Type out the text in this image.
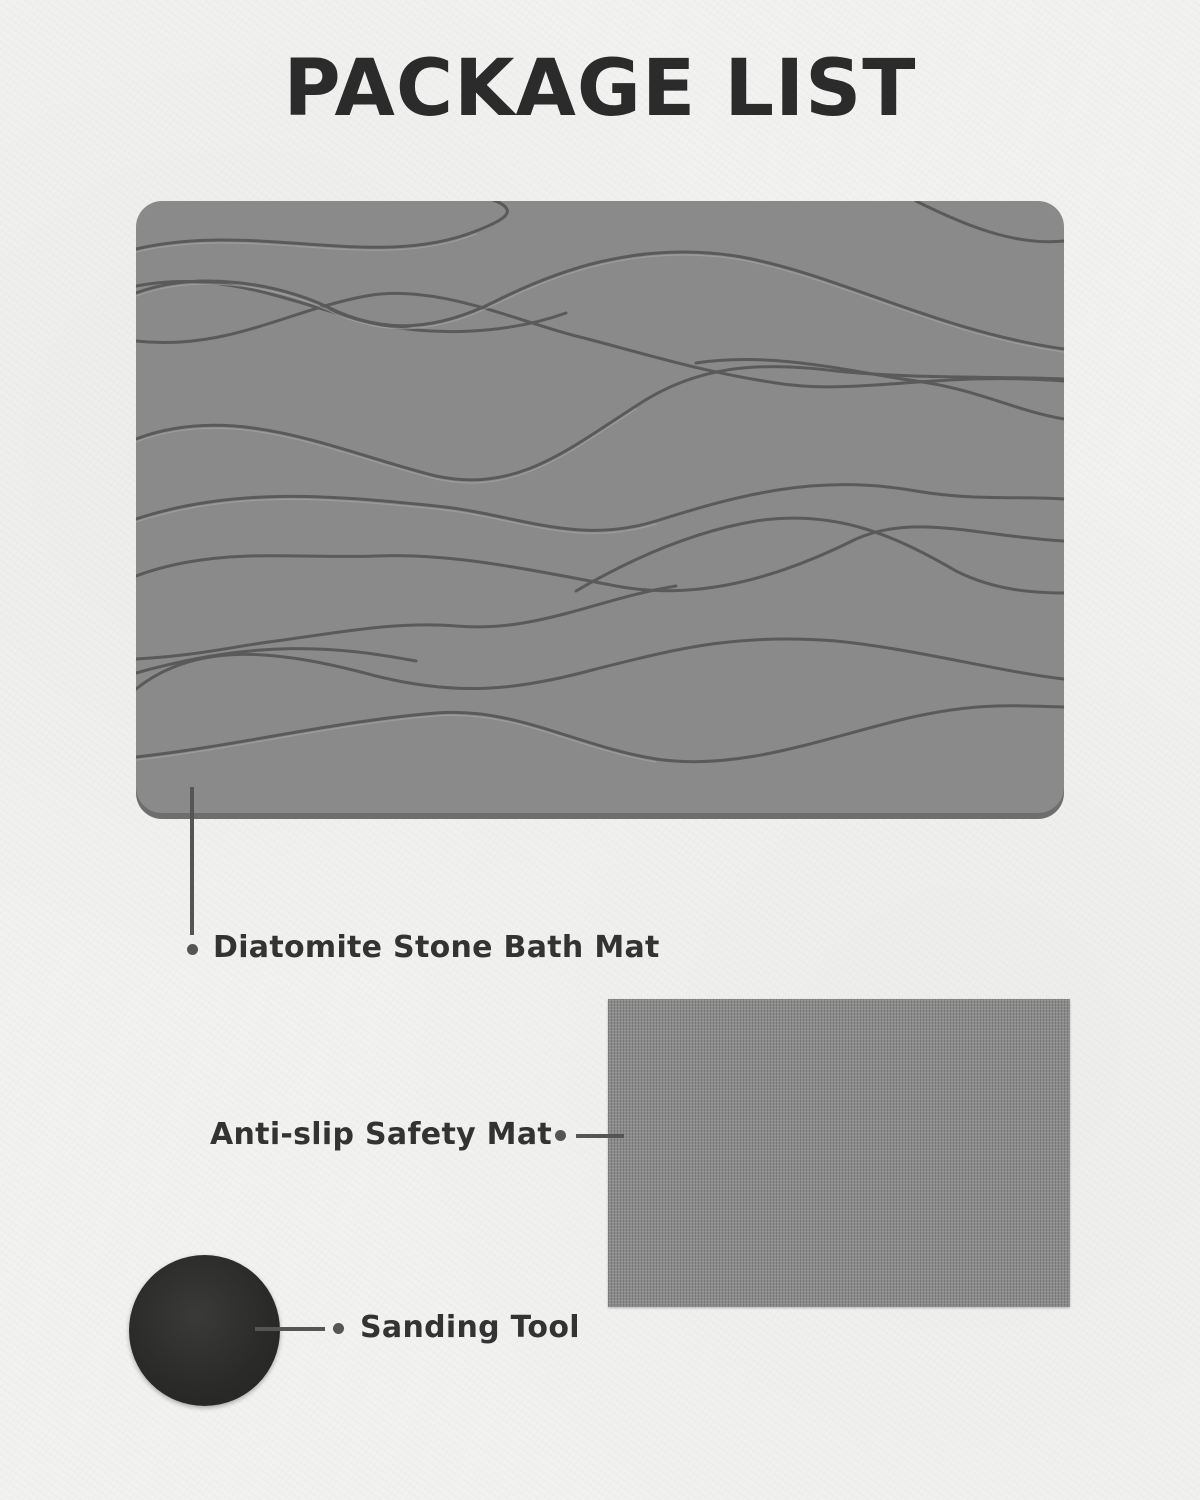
PACKAGE LIST
Diatomite Stone Bath Mat
Anti-slip Safety Mat
Sanding Tool
